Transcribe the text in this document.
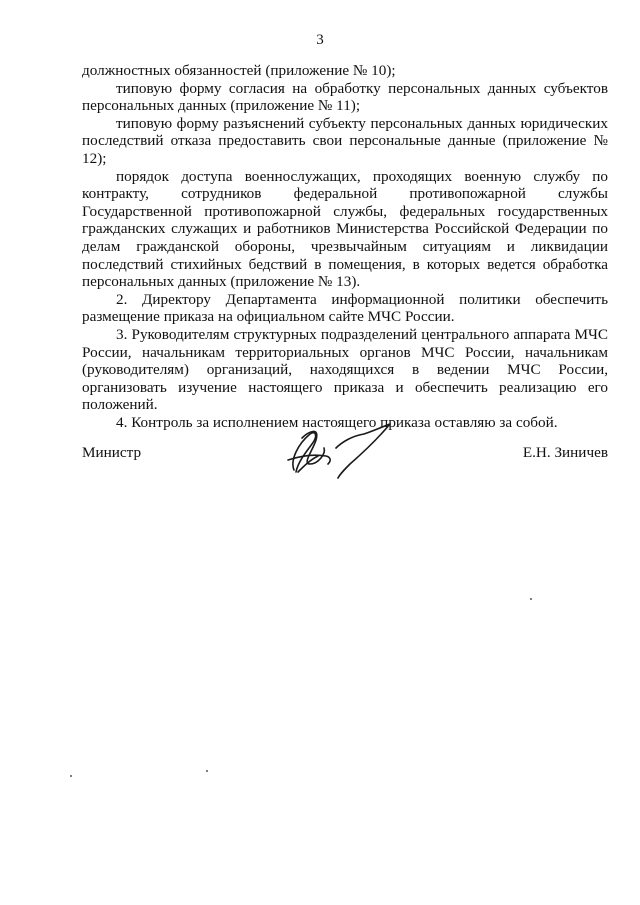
3

должностных обязанностей (приложение № 10);

типовую форму согласия на обработку персональных данных субъектов персональных данных (приложение № 11);

типовую форму разъяснений субъекту персональных данных юридических последствий отказа предоставить свои персональные данные (приложение № 12);

порядок доступа военнослужащих, проходящих военную службу по контракту, сотрудников федеральной противопожарной службы Государственной противопожарной службы, федеральных государственных гражданских служащих и работников Министерства Российской Федерации по делам гражданской обороны, чрезвычайным ситуациям и ликвидации последствий стихийных бедствий в помещения, в которых ведется обработка персональных данных (приложение № 13).

2. Директору Департамента информационной политики обеспечить размещение приказа на официальном сайте МЧС России.

3. Руководителям структурных подразделений центрального аппарата МЧС России, начальникам территориальных органов МЧС России, начальникам (руководителям) организаций, находящихся в ведении МЧС России, организовать изучение настоящего приказа и обеспечить реализацию его положений.

4. Контроль за исполнением настоящего приказа оставляю за собой.

Министр	Е.Н. Зиничев
